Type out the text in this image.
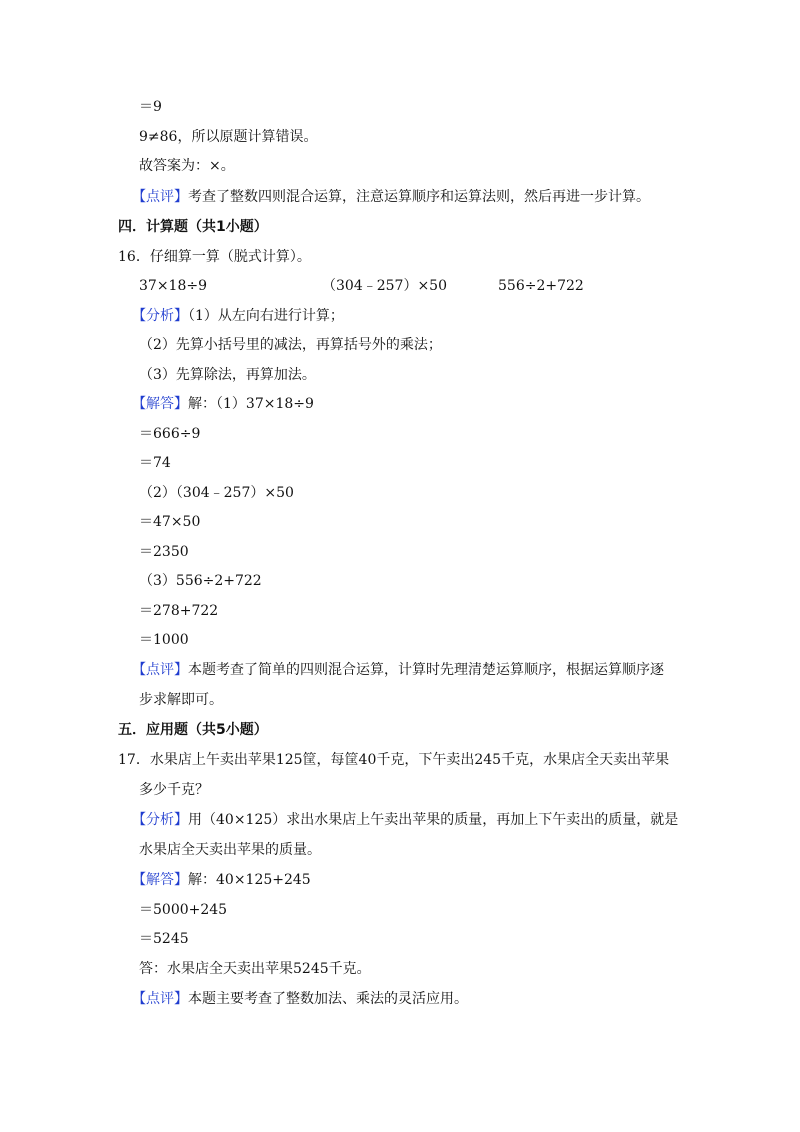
＝9
9≠86，所以原题计算错误。
故答案为：×。
【点评】考查了整数四则混合运算，注意运算顺序和运算法则，然后再进一步计算。
四．计算题（共1小题）
16．仔细算一算（脱式计算）。
37×18÷9	（304﹣257）×50	556÷2+722
【分析】（1）从左向右进行计算；
（2）先算小括号里的减法，再算括号外的乘法；
（3）先算除法，再算加法。
【解答】解：（1）37×18÷9
＝666÷9
＝74
（2）（304﹣257）×50
＝47×50
＝2350
（3）556÷2+722
＝278+722
＝1000
【点评】本题考查了简单的四则混合运算，计算时先理清楚运算顺序，根据运算顺序逐
步求解即可。
五．应用题（共5小题）
17．水果店上午卖出苹果125筐，每筐40千克，下午卖出245千克，水果店全天卖出苹果
多少千克？
【分析】用（40×125）求出水果店上午卖出苹果的质量，再加上下午卖出的质量，就是
水果店全天卖出苹果的质量。
【解答】解：40×125+245
＝5000+245
＝5245
答：水果店全天卖出苹果5245千克。
【点评】本题主要考查了整数加法、乘法的灵活应用。
